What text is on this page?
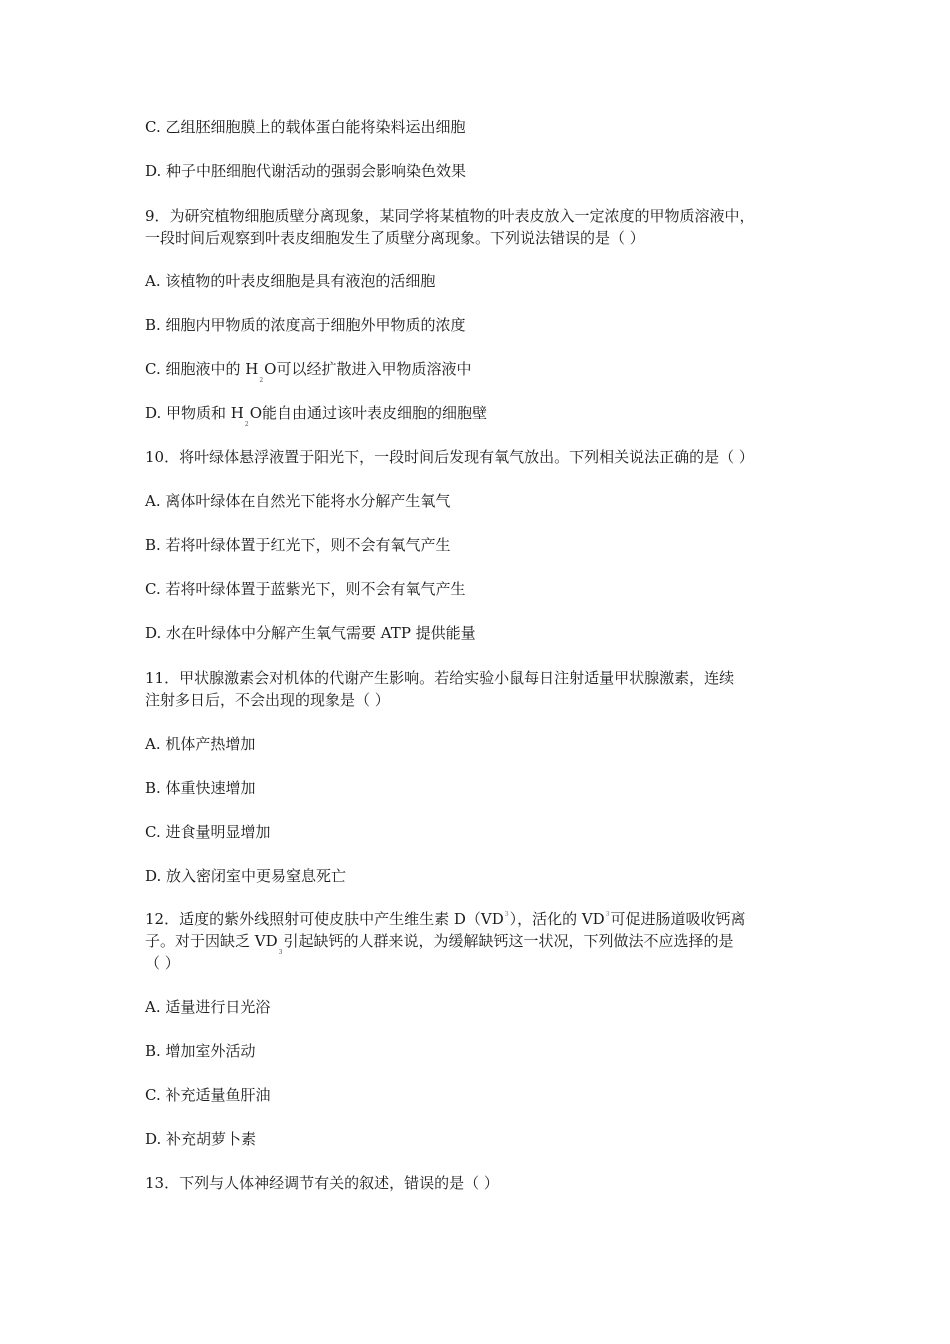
C. 乙组胚细胞膜上的载体蛋白能将染料运出细胞
D. 种子中胚细胞代谢活动的强弱会影响染色效果
9．为研究植物细胞质壁分离现象，某同学将某植物的叶表皮放入一定浓度的甲物质溶液中，
一段时间后观察到叶表皮细胞发生了质壁分离现象。下列说法错误的是（ ）
A. 该植物的叶表皮细胞是具有液泡的活细胞
B. 细胞内甲物质的浓度高于细胞外甲物质的浓度
C. 细胞液中的 $H_2O$可以经扩散进入甲物质溶液中
D. 甲物质和 $H_2O$能自由通过该叶表皮细胞的细胞壁
10．将叶绿体悬浮液置于阳光下，一段时间后发现有氧气放出。下列相关说法正确的是（ ）
A. 离体叶绿体在自然光下能将水分解产生氧气
B. 若将叶绿体置于红光下，则不会有氧气产生
C. 若将叶绿体置于蓝紫光下，则不会有氧气产生
D. 水在叶绿体中分解产生氧气需要 ATP 提供能量
11．甲状腺激素会对机体的代谢产生影响。若给实验小鼠每日注射适量甲状腺激素，连续
注射多日后，不会出现的现象是（ ）
A. 机体产热增加
B. 体重快速增加
C. 进食量明显增加
D. 放入密闭室中更易窒息死亡
12．适度的紫外线照射可使皮肤中产生维生素 $D(VD^3)$，活化的 $VD^3$可促进肠道吸收钙离
子。对于因缺乏 $VD_3$引起缺钙的人群来说，为缓解缺钙这一状况，下列做法不应选择的是
（ ）
A. 适量进行日光浴
B. 增加室外活动
C. 补充适量鱼肝油
D. 补充胡萝卜素
13．下列与人体神经调节有关的叙述，错误的是（ ）
